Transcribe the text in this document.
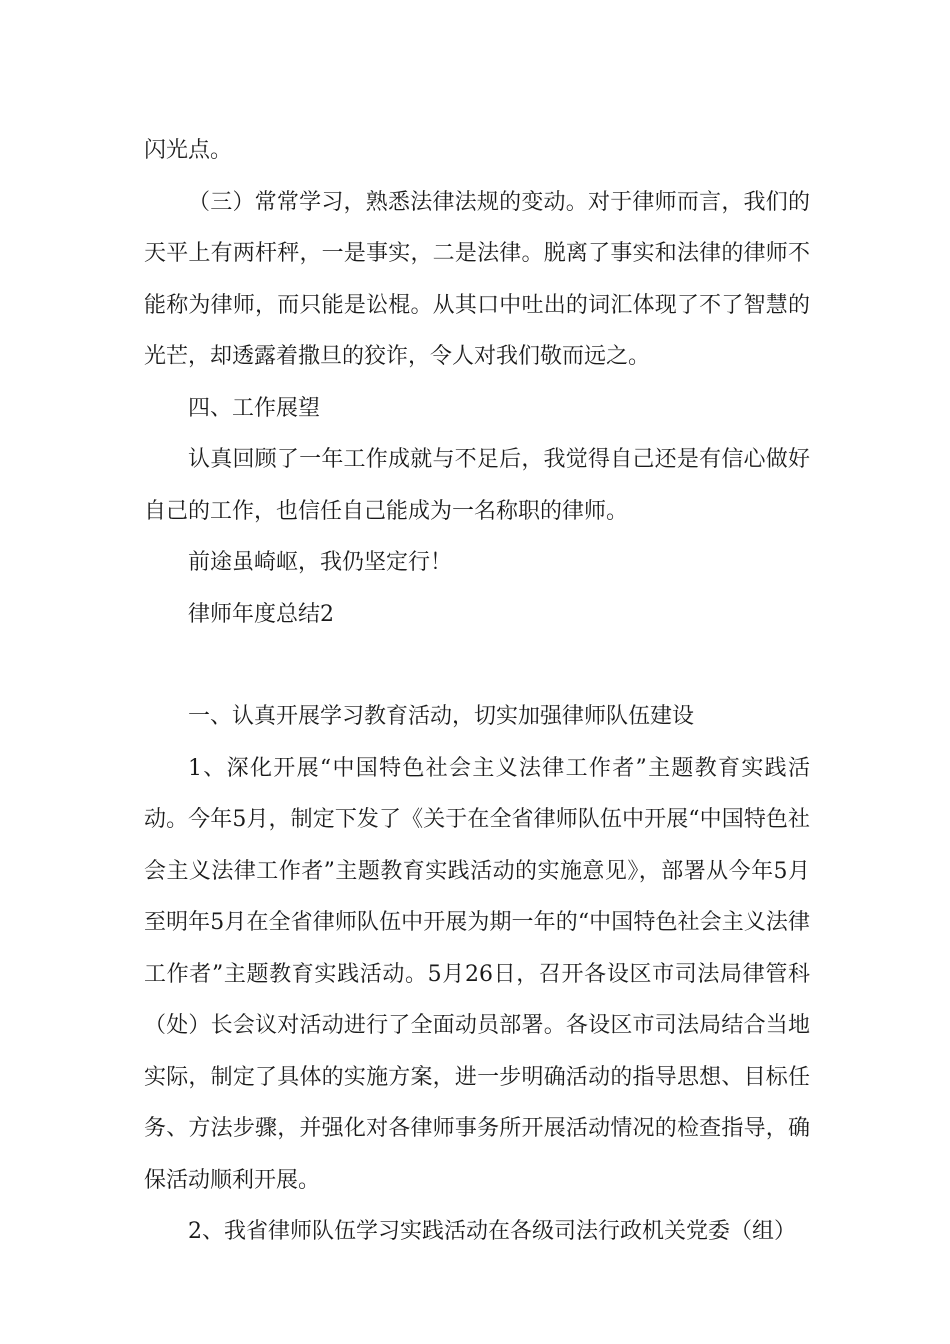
闪光点。

（三）常常学习，熟悉法律法规的变动。对于律师而言，我们的天平上有两杆秤，一是事实，二是法律。脱离了事实和法律的律师不能称为律师，而只能是讼棍。从其口中吐出的词汇体现了不了智慧的光芒，却透露着撒旦的狡诈，令人对我们敬而远之。

四、工作展望

认真回顾了一年工作成就与不足后，我觉得自己还是有信心做好自己的工作，也信任自己能成为一名称职的律师。

前途虽崎岖，我仍坚定行！

律师年度总结2

一、认真开展学习教育活动，切实加强律师队伍建设

1、深化开展“中国特色社会主义法律工作者”主题教育实践活动。今年5月，制定下发了《关于在全省律师队伍中开展“中国特色社会主义法律工作者”主题教育实践活动的实施意见》，部署从今年5月至明年5月在全省律师队伍中开展为期一年的“中国特色社会主义法律工作者”主题教育实践活动。5月26日，召开各设区市司法局律管科（处）长会议对活动进行了全面动员部署。各设区市司法局结合当地实际，制定了具体的实施方案，进一步明确活动的指导思想、目标任务、方法步骤，并强化对各律师事务所开展活动情况的检查指导，确保活动顺利开展。

2、我省律师队伍学习实践活动在各级司法行政机关党委（组）
